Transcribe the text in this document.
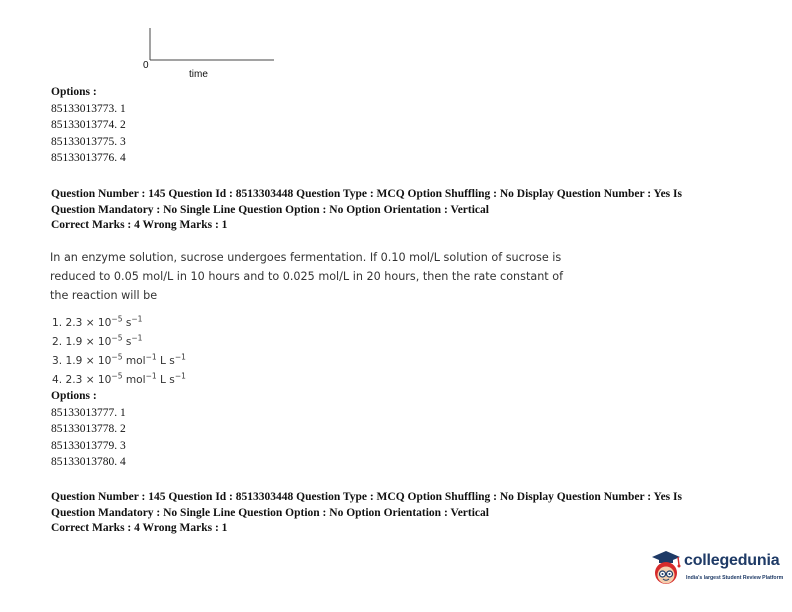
0
time
Options :
85133013773. 1
85133013774. 2
85133013775. 3
85133013776. 4
Question Number : 145 Question Id : 8513303448 Question Type : MCQ Option Shuffling : No Display Question Number : Yes Is
Question Mandatory : No Single Line Question Option : No Option Orientation : Vertical
Correct Marks : 4 Wrong Marks : 1
In an enzyme solution, sucrose undergoes fermentation. If 0.10 mol/L solution of sucrose is
reduced to 0.05 mol/L in 10 hours and to 0.025 mol/L in 20 hours, then the rate constant of
the reaction will be
1. $2.3 \times 10^{-5}$ $s^{-1}$
2. $1.9 \times 10^{-5}$ $s^{-1}$
3. $1.9 \times 10^{-5}$ mol$^{-1}$ L $s^{-1}$
4. $2.3 \times 10^{-5}$ mol$^{-1}$ L $s^{-1}$
Options :
85133013777. 1
85133013778. 2
85133013779. 3
85133013780. 4
Question Number : 145 Question Id : 8513303448 Question Type : MCQ Option Shuffling : No Display Question Number : Yes Is
Question Mandatory : No Single Line Question Option : No Option Orientation : Vertical
Correct Marks : 4 Wrong Marks : 1
collegedunia
India's largest Student Review Platform
